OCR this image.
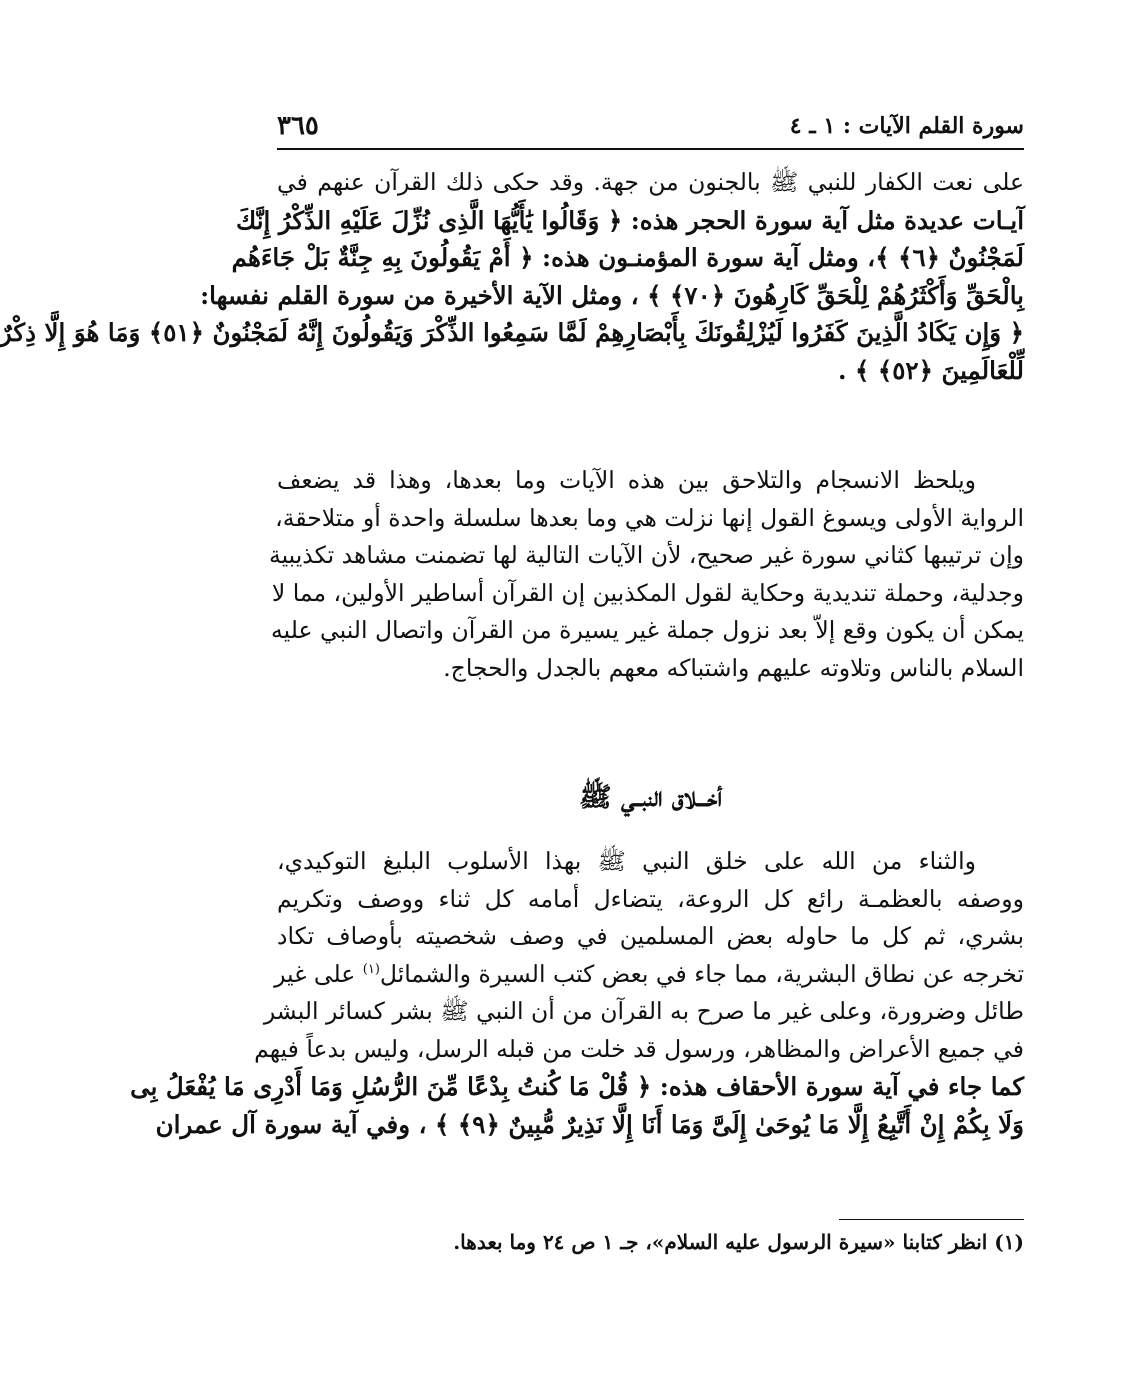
سورة القلم الآيات : ١ ـ ٤
٣٦٥

على نعت الكفار للنبي ﷺ بالجنون من جهة. وقد حكى ذلك القرآن عنهم في

آيـات عديدة مثل آية سورة الحجر هذه: ﴿ وَقَالُوا يَٰأَيُّهَا الَّذِى نُزِّلَ عَلَيْهِ الذِّكْرُ إِنَّكَ

لَمَجْنُونٌ ﴿٦﴾ ﴾، ومثل آية سورة المؤمنـون هذه: ﴿ أَمْ يَقُولُونَ بِهِ جِنَّةٌ بَلْ جَاءَهُم

بِالْحَقِّ وَأَكْثَرُهُمْ لِلْحَقِّ كَارِهُونَ ﴿٧٠﴾ ﴾ ، ومثل الآية الأخيرة من سورة القلم نفسها:

﴿ وَإِن يَكَادُ الَّذِينَ كَفَرُوا لَيُزْلِقُونَكَ بِأَبْصَارِهِمْ لَمَّا سَمِعُوا الذِّكْرَ وَيَقُولُونَ إِنَّهُ لَمَجْنُونٌ ﴿٥١﴾ وَمَا هُوَ إِلَّا ذِكْرٌ

لِّلْعَالَمِينَ ﴿٥٢﴾ ﴾ .

ويلحظ الانسجام والتلاحق بين هذه الآيات وما بعدها، وهذا قد يضعف

الرواية الأولى ويسوغ القول إنها نزلت هي وما بعدها سلسلة واحدة أو متلاحقة،

وإن ترتيبها كثاني سورة غير صحيح، لأن الآيات التالية لها تضمنت مشاهد تكذيبية

وجدلية، وحملة تنديدية وحكاية لقول المكذبين إن القرآن أساطير الأولين، مما لا

يمكن أن يكون وقع إلاّ بعد نزول جملة غير يسيرة من القرآن واتصال النبي عليه

السلام بالناس وتلاوته عليهم واشتباكه معهم بالجدل والحجاج.

أخـــلاق النبــي ﷺ

والثناء من الله على خلق النبي ﷺ بهذا الأسلوب البليغ التوكيدي،

ووصفه بالعظمـة رائع كل الروعة، يتضاءل أمامه كل ثناء ووصف وتكريم

بشري، ثم كل ما حاوله بعض المسلمين في وصف شخصيته بأوصاف تكاد

تخرجه عن نطاق البشرية، مما جاء في بعض كتب السيرة والشمائل$^{(١)}$ على غير

طائل وضرورة، وعلى غير ما صرح به القرآن من أن النبي ﷺ بشر كسائر البشر

في جميع الأعراض والمظاهر، ورسول قد خلت من قبله الرسل، وليس بدعاً فيهم

كما جاء في آية سورة الأحقاف هذه: ﴿ قُلْ مَا كُنتُ بِدْعًا مِّنَ الرُّسُلِ وَمَا أَدْرِى مَا يُفْعَلُ بِى

وَلَا بِكُمْ إِنْ أَتَّبِعُ إِلَّا مَا يُوحَىٰ إِلَىَّ وَمَا أَنَا إِلَّا نَذِيرٌ مُّبِينٌ ﴿٩﴾ ﴾ ، وفي آية سورة آل عمران

(١) انظر كتابنا «سيرة الرسول عليه السلام»، جـ ١ ص ٢٤ وما بعدها.
